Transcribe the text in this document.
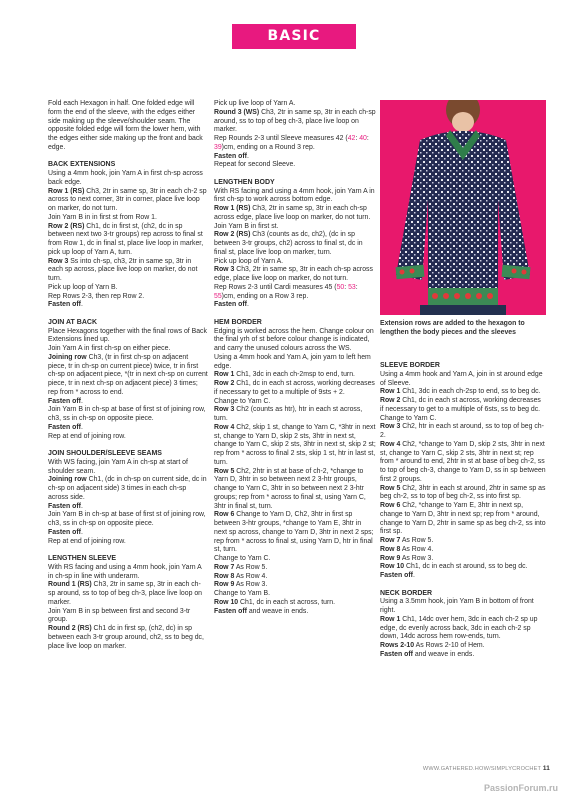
BASIC HEXAGON

Fold each Hexagon in half. One folded edge will form the end of the sleeve, with the edges either side making up the sleeve/shoulder seam. The opposite folded edge will form the lower hem, with the edges either side making up the front and back edge.

BACK EXTENSIONS

Using a 4mm hook, join Yarn A in first ch-sp across back edge.

Row 1 (RS) Ch3, 2tr in same sp, 3tr in each ch-2 sp across to next corner, 3tr in corner, place live loop on marker, do not turn.

Join Yarn B in in first st from Row 1.

Row 2 (RS) Ch1, dc in first st, (ch2, dc in sp between next two 3-tr groups) rep across to final st from Row 1, dc in final st, place live loop in marker, pick up loop of Yarn A, turn.

Row 3 Ss into ch-sp, ch3, 2tr in same sp, 3tr in each sp across, place live loop on marker, do not turn.

Pick up loop of Yarn B.

Rep Rows 2-3, then rep Row 2.

Fasten off.

JOIN AT BACK

Place Hexagons together with the final rows of Back Extensions lined up.

Join Yarn A in first ch-sp on either piece.

Joining row Ch3, (tr in first ch-sp on adjacent piece, tr in ch-sp on current piece) twice, tr in first ch-sp on adjacent piece, *(tr in next ch-sp on current piece, tr in next ch-sp on adjacent piece) 3 times; rep from * across to end.

Fasten off.

Join Yarn B in ch-sp at base of first st of joining row, ch3, ss in ch-sp on opposite piece.

Fasten off.

Rep at end of joining row.

JOIN SHOULDER/SLEEVE SEAMS

With WS facing, join Yarn A in ch-sp at start of shoulder seam.

Joining row Ch1, (dc in ch-sp on current side, dc in ch-sp on adjacent side) 3 times in each ch-sp across side.

Fasten off.

Join Yarn B in ch-sp at base of first st of joining row, ch3, ss in ch-sp on opposite piece.

Fasten off.

Rep at end of joining row.

LENGTHEN SLEEVE

With RS facing and using a 4mm hook, join Yarn A in ch-sp in line with underarm.

Round 1 (RS) Ch3, 2tr in same sp, 3tr in each ch-sp around, ss to top of beg ch-3, place live loop on marker.

Join Yarn B in sp between first and second 3-tr group.

Round 2 (RS) Ch1 dc in first sp, (ch2, dc) in sp between each 3-tr group around, ch2, ss to beg dc, place live loop on marker.

Pick up live loop of Yarn A.

Round 3 (WS) Ch3, 2tr in same sp, 3tr in each ch-sp around, ss to top of beg ch-3, place live loop on marker.

Rep Rounds 2-3 until Sleeve measures 42 (42: 40: 39)cm, ending on a Round 3 rep.

Fasten off.

Repeat for second Sleeve.

LENGTHEN BODY

With RS facing and using a 4mm hook, join Yarn A in first ch-sp to work across bottom edge.

Row 1 (RS) Ch3, 2tr in same sp, 3tr in each ch-sp across edge, place live loop on marker, do not turn.

Join Yarn B in first st.

Row 2 (RS) Ch3 (counts as dc, ch2), (dc in sp between 3-tr groups, ch2) across to final st, dc in final st, place live loop on marker, turn.

Pick up loop of Yarn A.

Row 3 Ch3, 2tr in same sp, 3tr in each ch-sp across edge, place live loop on marker, do not turn.

Rep Rows 2-3 until Cardi measures 45 (50: 53: 55)cm, ending on a Row 3 rep.

Fasten off.

HEM BORDER

Edging is worked across the hem. Change colour on the final yrh of st before colour change is indicated, and carry the unused colours across the WS.

Using a 4mm hook and Yarn A, join yarn to left hem edge.

Row 1 Ch1, 3dc in each ch-2msp to end, turn.

Row 2 Ch1, dc in each st across, working decreases if necessary to get to a multiple of 9sts + 2.

Change to Yarn C.

Row 3 Ch2 (counts as htr), htr in each st across, turn.

Row 4 Ch2, skip 1 st, change to Yarn C, *3htr in next st, change to Yarn D, skip 2 sts, 3htr in next st, change to Yarn C, skip 2 sts, 3htr in next st, skip 2 st; rep from * across to final 2 sts, skip 1 st, htr in last st, turn.

Row 5 Ch2, 2htr in st at base of ch-2, *change to Yarn D, 3htr in so between next 2 3-htr groups, change to Yarn C, 3htr in so between next 2 3-htr groups; rep from * across to final st, using Yarn C, 3htr in final st, turn.

Row 6 Change to Yarn D, Ch2, 3htr in first sp between 3-htr groups, *change to Yarn E, 3htr in next sp across, change to Yarn D, 3htr in next 2 sps; rep from * across to final st, using Yarn D, htr in final st, turn.

Change to Yarn C.

Row 7 As Row 5.

Row 8 As Row 4.

Row 9 As Row 3.

Change to Yarn B.

Row 10 Ch1, dc in each st across, turn.

Fasten off and weave in ends.

Extension rows are added to the hexagon to lengthen the body pieces and the sleeves

SLEEVE BORDER

Using a 4mm hook and Yarn A, join in st around edge of Sleeve.

Row 1 Ch1, 3dc in each ch-2sp to end, ss to beg dc.

Row 2 Ch1, dc in each st across, working decreases if necessary to get to a multiple of 6sts, ss to beg dc.

Change to Yarn C.

Row 3 Ch2, htr in each st around, ss to top of beg ch-2.

Row 4 Ch2, *change to Yarn D, skip 2 sts, 3htr in next st, change to Yarn C, skip 2 sts, 3htr in next st; rep from * around to end, 2htr in st at base of beg ch-2, ss to top of beg ch-3, change to Yarn D, ss in sp between first 2 groups.

Row 5 Ch2, 3htr in each st around, 2htr in same sp as beg ch-2, ss to top of beg ch-2, ss into first sp.

Row 6 Ch2, *change to Yarn E, 3htr in next sp, change to Yarn D, 3htr in next sp; rep from * around, change to Yarn D, 2htr in same sp as beg ch-2, ss into first sp.

Row 7 As Row 5.

Row 8 As Row 4.

Row 9 As Row 3.

Row 10 Ch1, dc in each st around, ss to beg dc.

Fasten off.

NECK BORDER

Using a 3.5mm hook, join Yarn B in bottom of front right.

Row 1 Ch1, 14dc over hem, 3dc in each ch-2 sp up edge, dc evenly across back, 3dc in each ch-2 sp down, 14dc across hem row-ends, turn.

Rows 2-10 As Rows 2-10 of Hem.

Fasten off and weave in ends.

WWW.GATHERED.HOW/SIMPLYCROCHET 11
PassionForum.ru
